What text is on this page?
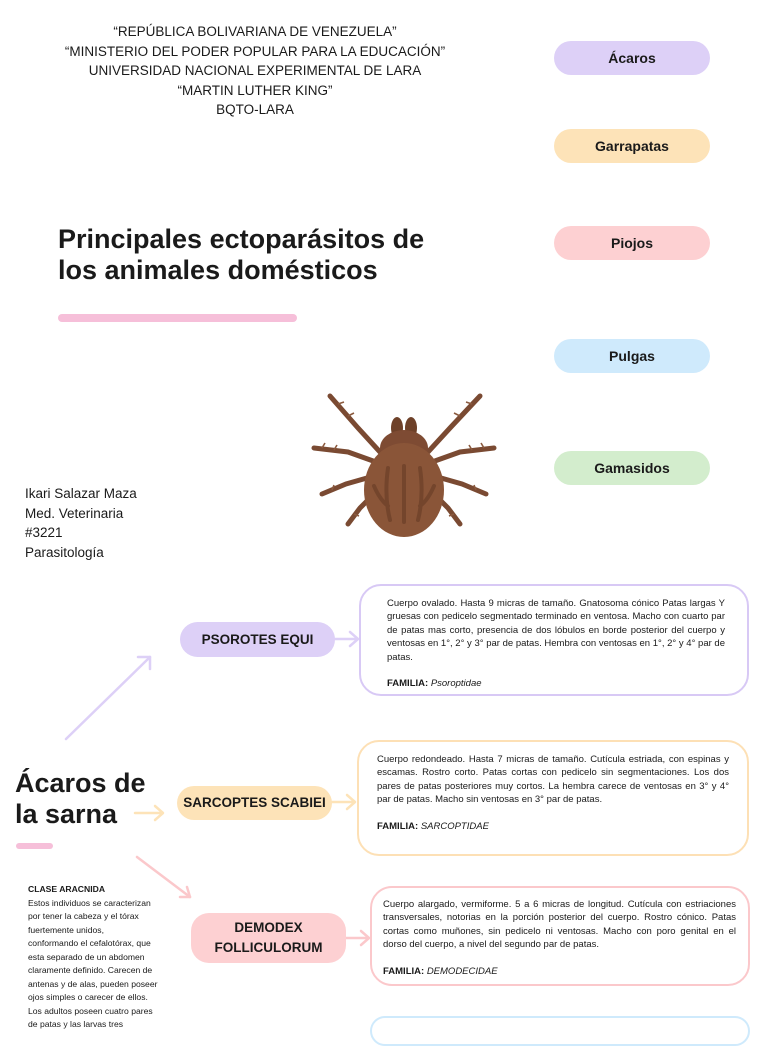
“REPÚBLICA BOLIVARIANA DE VENEZUELA”
“MINISTERIO DEL PODER POPULAR PARA LA EDUCACIÓN”
UNIVERSIDAD NACIONAL EXPERIMENTAL DE LARA
“MARTIN LUTHER KING”
BQTO-LARA
Principales ectoparásitos de
los animales domésticos
Ácaros
Garrapatas
Piojos
Pulgas
Gamasidos
Ikari Salazar Maza
Med. Veterinaria
#3221
Parasitología
Ácaros de
la sarna
PSOROTES EQUI
SARCOPTES SCABIEI
DEMODEX
FOLLICULORUM
Cuerpo ovalado. Hasta 9 micras de tamaño. Gnatosoma cónico Patas largas Y gruesas con pedicelo segmentado terminado en ventosa. Macho con cuarto par de patas mas corto, presencia de dos lóbulos en borde posterior del cuerpo y ventosas en 1°, 2° y 3° par de patas. Hembra con ventosas en 1°, 2° y 4° par de patas.
FAMILIA: Psoroptidae
Cuerpo redondeado. Hasta 7 micras de tamaño. Cutícula estriada, con espinas y escamas. Rostro corto. Patas cortas con pedicelo sin segmentaciones. Los dos pares de patas posteriores muy cortos. La hembra carece de ventosas en 3° y 4° par de patas. Macho sin ventosas en 3° par de patas.
FAMILIA: SARCOPTIDAE
Cuerpo alargado, vermiforme. 5 a 6 micras de longitud. Cutícula con estriaciones transversales, notorias en la porción posterior del cuerpo. Rostro cónico. Patas cortas como muñones, sin pedicelo ni ventosas. Macho con poro genital en el dorso del cuerpo, a nivel del segundo par de patas.
FAMILIA: DEMODECIDAE
CLASE ARACNIDA
Estos individuos se caracterizan
por tener la cabeza y el tórax
fuertemente unidos,
conformando el cefalotórax, que
esta separado de un abdomen
claramente definido. Carecen de
antenas y de alas, pueden poseer
ojos simples o carecer de ellos.
Los adultos poseen cuatro pares
de patas y las larvas tres
